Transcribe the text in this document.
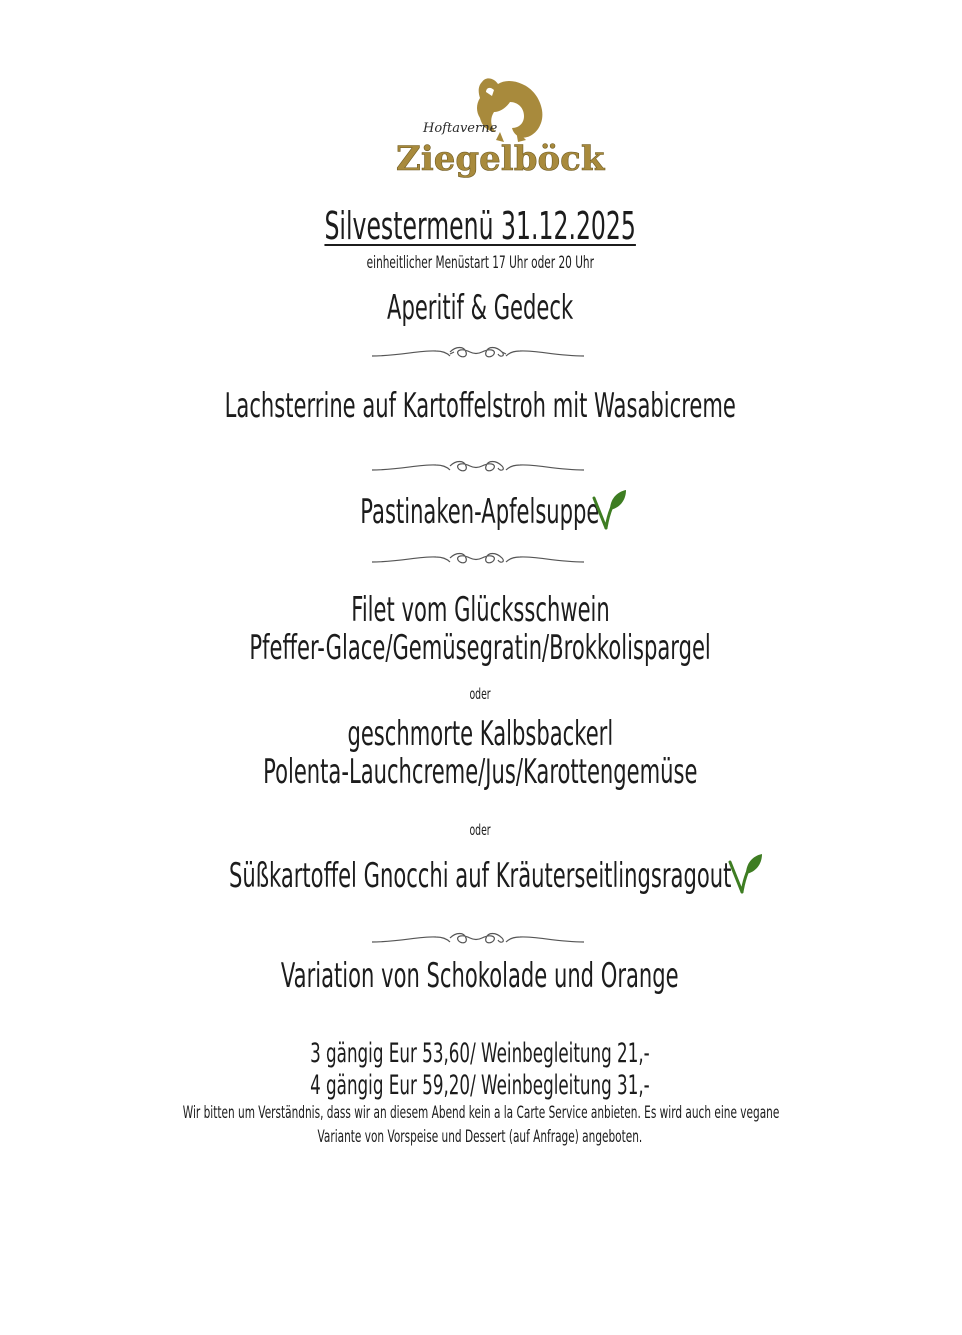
Hoftaverne
Ziegelböck
Silvestermenü 31.12.2025
einheitlicher Menüstart 17 Uhr oder 20 Uhr
Aperitif & Gedeck
Lachsterrine auf Kartoffelstroh mit Wasabicreme
Pastinaken-Apfelsuppe
Filet vom Glücksschwein
Pfeffer-Glace/Gemüsegratin/Brokkolispargel
oder
geschmorte Kalbsbackerl
Polenta-Lauchcreme/Jus/Karottengemüse
oder
Süßkartoffel Gnocchi auf Kräuterseitlingsragout
Variation von Schokolade und Orange
3 gängig Eur 53,60/ Weinbegleitung 21,-
4 gängig Eur 59,20/ Weinbegleitung 31,-
Wir bitten um Verständnis, dass wir an diesem Abend kein a la Carte Service anbieten. Es wird auch eine vegane
Variante von Vorspeise und Dessert (auf Anfrage) angeboten.
